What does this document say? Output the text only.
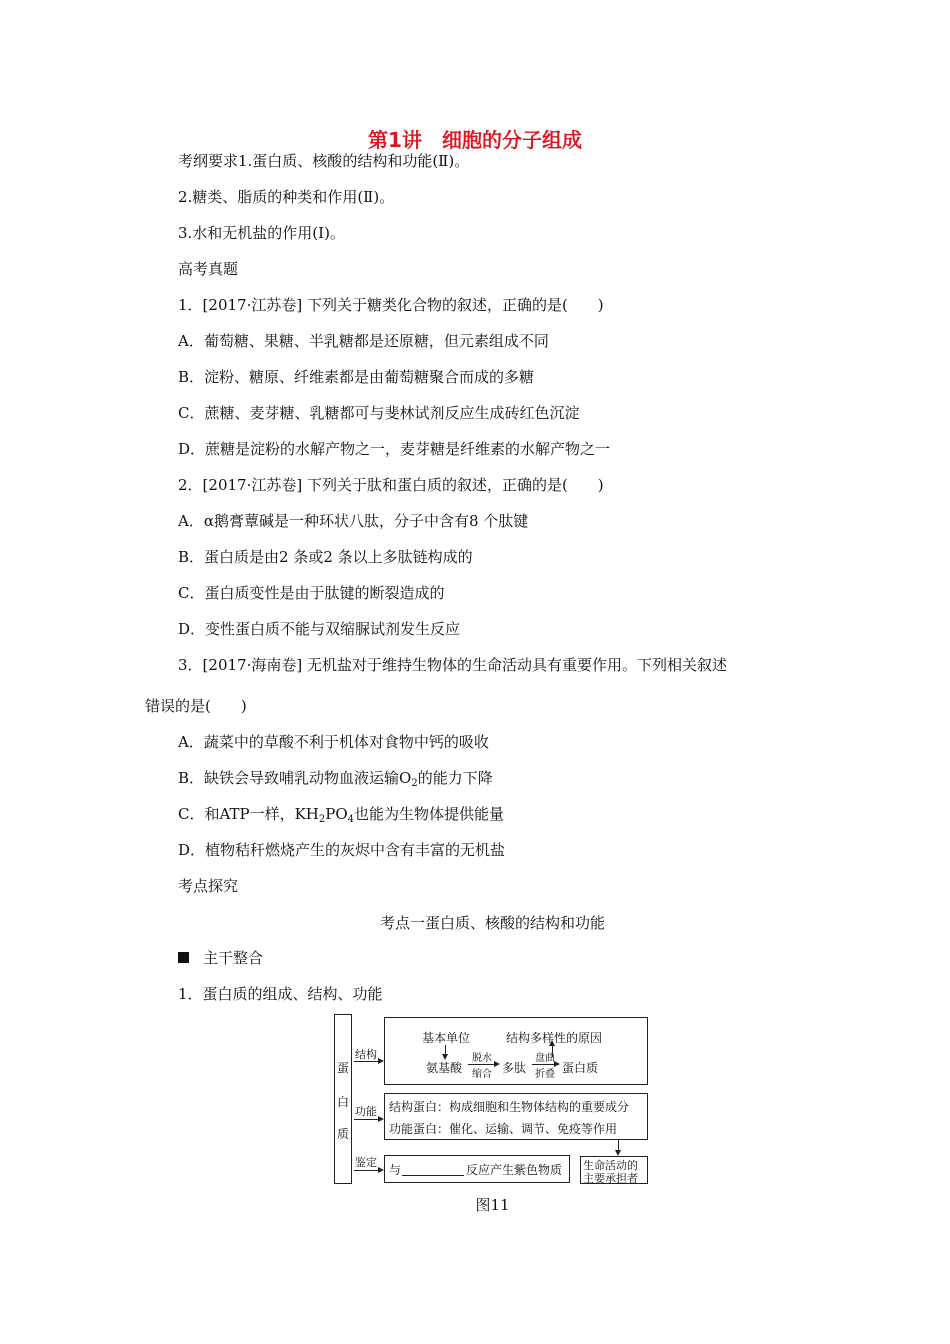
第1讲　细胞的分子组成
考纲要求1.蛋白质、核酸的结构和功能(Ⅱ)。
2.糖类、脂质的种类和作用(Ⅱ)。
3.水和无机盐的作用(Ⅰ)。
高考真题
1．[2017·江苏卷] 下列关于糖类化合物的叙述，正确的是(　　)
A．葡萄糖、果糖、半乳糖都是还原糖，但元素组成不同
B．淀粉、糖原、纤维素都是由葡萄糖聚合而成的多糖
C．蔗糖、麦芽糖、乳糖都可与斐林试剂反应生成砖红色沉淀
D．蔗糖是淀粉的水解产物之一，麦芽糖是纤维素的水解产物之一
2．[2017·江苏卷] 下列关于肽和蛋白质的叙述，正确的是(　　)
A．α鹅膏蕈碱是一种环状八肽，分子中含有8 个肽键
B．蛋白质是由2 条或2 条以上多肽链构成的
C．蛋白质变性是由于肽键的断裂造成的
D．变性蛋白质不能与双缩脲试剂发生反应
3．[2017·海南卷] 无机盐对于维持生物体的生命活动具有重要作用。下列相关叙述
错误的是(　　)
A．蔬菜中的草酸不利于机体对食物中钙的吸收
B．缺铁会导致哺乳动物血液运输$O_2$的能力下降
C．和ATP一样，$KH_2PO_4$也能为生物体提供能量
D．植物秸秆燃烧产生的灰烬中含有丰富的无机盐
考点探究
考点一蛋白质、核酸的结构和功能
主干整合
1．蛋白质的组成、结构、功能
蛋
白
质
结构
功能
鉴定
基本单位	结构多样性的原因
氨基酸
脱水
缩合 多肽
盘曲
折叠 蛋白质
结构蛋白：构成细胞和生物体结构的重要成分
功能蛋白：催化、运输、调节、免疫等作用
与	反应产生紫色物质 生命活动的
主要承担者
图11
